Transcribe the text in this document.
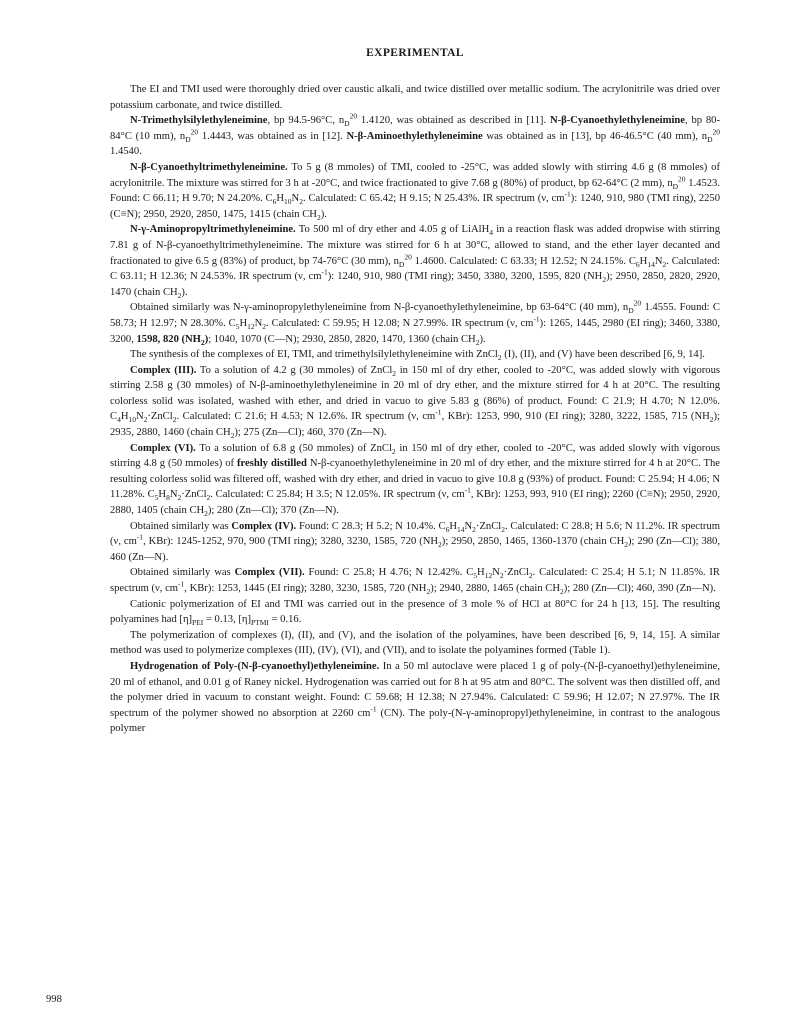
EXPERIMENTAL

The EI and TMI used were thoroughly dried over caustic alkali, and twice distilled over metallic sodium. The acrylonitrile was dried over potassium carbonate, and twice distilled.

N-Trimethylsilylethyleneimine, bp 94.5-96°C, $n_D^{20}$ 1.4120, was obtained as described in [11]. N-β-Cyanoethylethyleneimine, bp 80-84°C (10 mm), $n_D^{20}$ 1.4443, was obtained as in [12]. N-β-Aminoethylethyleneimine was obtained as in [13], bp 46-46.5°C (40 mm), $n_D^{20}$ 1.4540.

N-β-Cyanoethyltrimethyleneimine. To 5 g (8 mmoles) of TMI, cooled to -25°C, was added slowly with stirring 4.6 g (8 mmoles) of acrylonitrile. The mixture was stirred for 3 h at -20°C, and twice fractionated to give 7.68 g (80%) of product, bp 62-64°C (2 mm), $n_D^{20}$ 1.4523. Found: C 66.11; H 9.70; N 24.20%. $C_6H_{10}N_2$. Calculated: C 65.42; H 9.15; N 25.43%. IR spectrum (ν, $cm^{-1}$): 1240, 910, 980 (TMI ring), 2250 (C≡N); 2950, 2920, 2850, 1475, 1415 (chain $CH_2$).

N-γ-Aminopropyltrimethyleneimine. To 500 ml of dry ether and 4.05 g of LiAlH$_4$ in a reaction flask was added dropwise with stirring 7.81 g of N-β-cyanoethyltrimethyleneimine. The mixture was stirred for 6 h at 30°C, allowed to stand, and the ether layer decanted and fractionated to give 6.5 g (83%) of product, bp 74-76°C (30 mm), $n_D^{20}$ 1.4600. Calculated: C 63.33; H 12.52; N 24.15%. $C_6H_{14}N_2$. Calculated: C 63.11; H 12.36; N 24.53%. IR spectrum (ν, $cm^{-1}$): 1240, 910, 980 (TMI ring); 3450, 3380, 3200, 1595, 820 $(NH_2)$; 2950, 2850, 2820, 2920, 1470 (chain $CH_2$).

Obtained similarly was N-γ-aminopropylethyleneimine from N-β-cyanoethylethyleneimine, bp 63-64°C (40 mm), $n_D^{20}$ 1.4555. Found: C 58.73; H 12.97; N 28.30%. $C_5H_{12}N_2$. Calculated: C 59.95; H 12.08; N 27.99%. IR spectrum (ν, $cm^{-1}$): 1265, 1445, 2980 (EI ring); 3460, 3380, 3200, 1598, 820 $(NH_2)$; 1040, 1070 (C—N); 2930, 2850, 2820, 1470, 1360 (chain $CH_2$).

The synthesis of the complexes of EI, TMI, and trimethylsilylethyleneimine with ZnCl$_2$ (I), (II), and (V) have been described [6, 9, 14].

Complex (III). To a solution of 4.2 g (30 mmoles) of ZnCl$_2$ in 150 ml of dry ether, cooled to -20°C, was added slowly with vigorous stirring 2.58 g (30 mmoles) of N-β-aminoethylethyleneimine in 20 ml of dry ether, and the mixture stirred for 4 h at 20°C. The resulting colorless solid was isolated, washed with ether, and dried in vacuo to give 5.83 g (86%) of product. Found: C 21.9; H 4.70; N 12.0%. $C_4H_{10}N_2\cdot ZnCl_2$. Calculated: C 21.6; H 4.53; N 12.6%. IR spectrum (ν, $cm^{-1}$, KBr): 1253, 990, 910 (EI ring); 3280, 3222, 1585, 715 $(NH_2)$; 2935, 2880, 1460 (chain $CH_2$); 275 (Zn—Cl); 460, 370 (Zn—N).

Complex (VI). To a solution of 6.8 g (50 mmoles) of ZnCl$_2$ in 150 ml of dry ether, cooled to -20°C, was added slowly with vigorous stirring 4.8 g (50 mmoles) of freshly distilled N-β-cyanoethylethyleneimine in 20 ml of dry ether, and the mixture stirred for 4 h at 20°C. The resulting colorless solid was filtered off, washed with dry ether, and dried in vacuo to give 10.8 g (93%) of product. Found: C 25.94; H 4.06; N 11.28%. $C_5H_8N_2\cdot ZnCl_2$. Calculated: C 25.84; H 3.5; N 12.05%. IR spectrum (ν, $cm^{-1}$, KBr): 1253, 993, 910 (EI ring); 2260 (C≡N); 2950, 2920, 2880, 1405 (chain $CH_2$); 280 (Zn—Cl); 370 (Zn—N).

Obtained similarly was Complex (IV). Found: C 28.3; H 5.2; N 10.4%. $C_6H_{14}N_2\cdot ZnCl_2$. Calculated: C 28.8; H 5.6; N 11.2%. IR spectrum (ν, $cm^{-1}$, KBr): 1245-1252, 970, 900 (TMI ring); 3280, 3230, 1585, 720 $(NH_2)$; 2950, 2850, 1465, 1360-1370 (chain $CH_2$); 290 (Zn—Cl); 380, 460 (Zn—N).

Obtained similarly was Complex (VII). Found: C 25.8; H 4.76; N 12.42%. $C_5H_{12}N_2\cdot ZnCl_2$. Calculated: C 25.4; H 5.1; N 11.85%. IR spectrum (ν, $cm^{-1}$, KBr): 1253, 1445 (EI ring); 3280, 3230, 1585, 720 $(NH_2)$; 2940, 2880, 1465 (chain $CH_2$); 280 (Zn—Cl); 460, 390 (Zn—N).

Cationic polymerization of EI and TMI was carried out in the presence of 3 mole % of HCl at 80°C for 24 h [13, 15]. The resulting polyamines had $[\eta]_{PEI} = 0.13$, $[\eta]_{PTMI} = 0.16$.

The polymerization of complexes (I), (II), and (V), and the isolation of the polyamines, have been described [6, 9, 14, 15]. A similar method was used to polymerize complexes (III), (IV), (VI), and (VII), and to isolate the polyamines formed (Table 1).

Hydrogenation of Poly-(N-β-cyanoethyl)ethyleneimine. In a 50 ml autoclave were placed 1 g of poly-(N-β-cyanoethyl)ethyleneimine, 20 ml of ethanol, and 0.01 g of Raney nickel. Hydrogenation was carried out for 8 h at 95 atm and 80°C. The solvent was then distilled off, and the polymer dried in vacuum to constant weight. Found: C 59.68; H 12.38; N 27.94%. Calculated: C 59.96; H 12.07; N 27.97%. The IR spectrum of the polymer showed no absorption at 2260 $cm^{-1}$ (CN). The poly-(N-γ-aminopropyl)ethyleneimine, in contrast to the analogous polymer

998
